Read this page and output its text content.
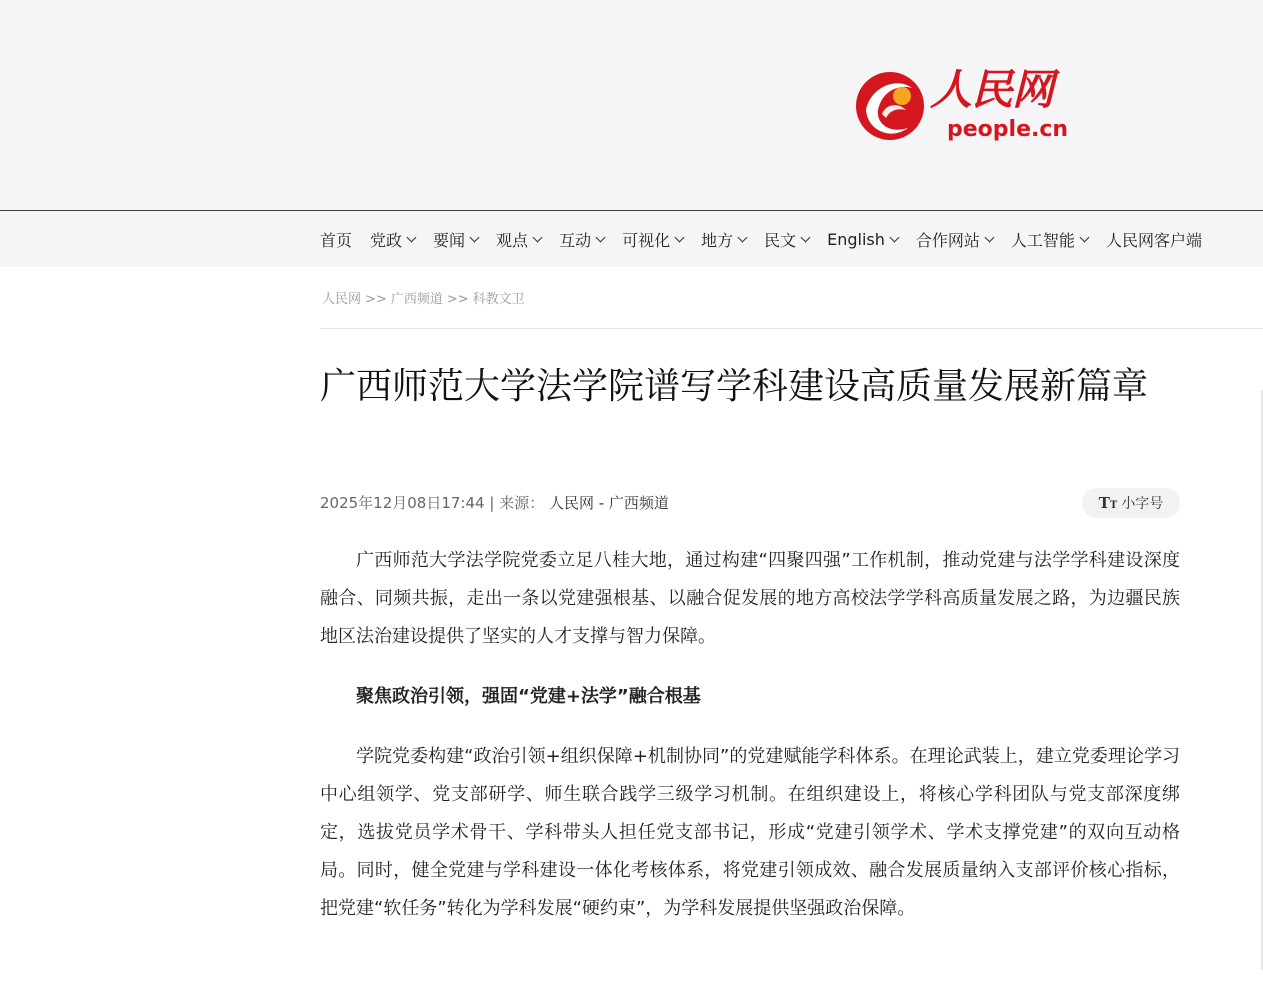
人民网
people.cn
首页 党政 要闻 观点 互动 可视化 地方 民文 English 合作网站 人工智能 人民网客户端
人民网 >> 广西频道 >> 科教文卫
广西师范大学法学院谱写学科建设高质量发展新篇章
2025年12月08日17:44 | 来源： 人民网 - 广西频道	TT 小字号

广西师范大学法学院党委立足八桂大地，通过构建“四聚四强”工作机制，推动党建与法学学科建设深度融合、同频共振，走出一条以党建强根基、以融合促发展的地方高校法学学科高质量发展之路，为边疆民族地区法治建设提供了坚实的人才支撑与智力保障。

聚焦政治引领，强固“党建+法学”融合根基

学院党委构建“政治引领+组织保障+机制协同”的党建赋能学科体系。在理论武装上，建立党委理论学习中心组领学、党支部研学、师生联合践学三级学习机制。在组织建设上，将核心学科团队与党支部深度绑定，选拔党员学术骨干、学科带头人担任党支部书记，形成“党建引领学术、学术支撑党建”的双向互动格局。同时，健全党建与学科建设一体化考核体系，将党建引领成效、融合发展质量纳入支部评价核心指标，把党建“软任务”转化为学科发展“硬约束”，为学科发展提供坚强政治保障。
